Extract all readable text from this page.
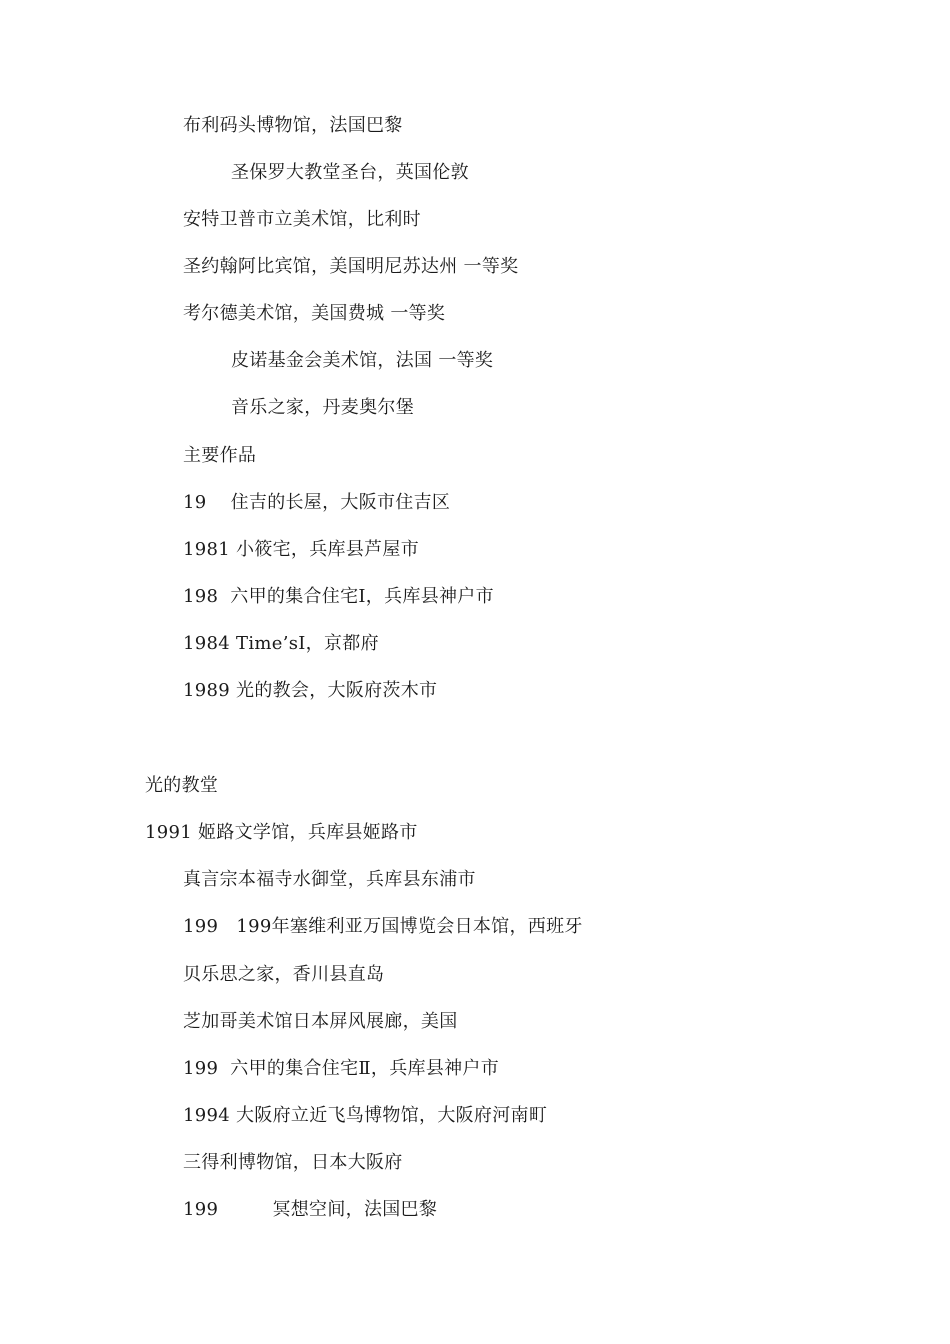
布利码头博物馆，法国巴黎
圣保罗大教堂圣台，英国伦敦
安特卫普市立美术馆，比利时
圣约翰阿比宾馆，美国明尼苏达州 一等奖
考尔德美术馆，美国费城 一等奖
皮诺基金会美术馆，法国 一等奖
音乐之家，丹麦奥尔堡
主要作品
19    住吉的长屋，大阪市住吉区
1981 小筱宅，兵库县芦屋市
198  六甲的集合住宅Ⅰ，兵库县神户市
1984 Time’sⅠ，京都府
1989 光的教会，大阪府茨木市
光的教堂
1991 姬路文学馆，兵库县姬路市
真言宗本福寺水御堂，兵库县东浦市
199   199年塞维利亚万国博览会日本馆，西班牙
贝乐思之家，香川县直岛
芝加哥美术馆日本屏风展廊，美国
199  六甲的集合住宅Ⅱ，兵库县神户市
1994 大阪府立近飞鸟博物馆，大阪府河南町
三得利博物馆，日本大阪府
199         冥想空间，法国巴黎
